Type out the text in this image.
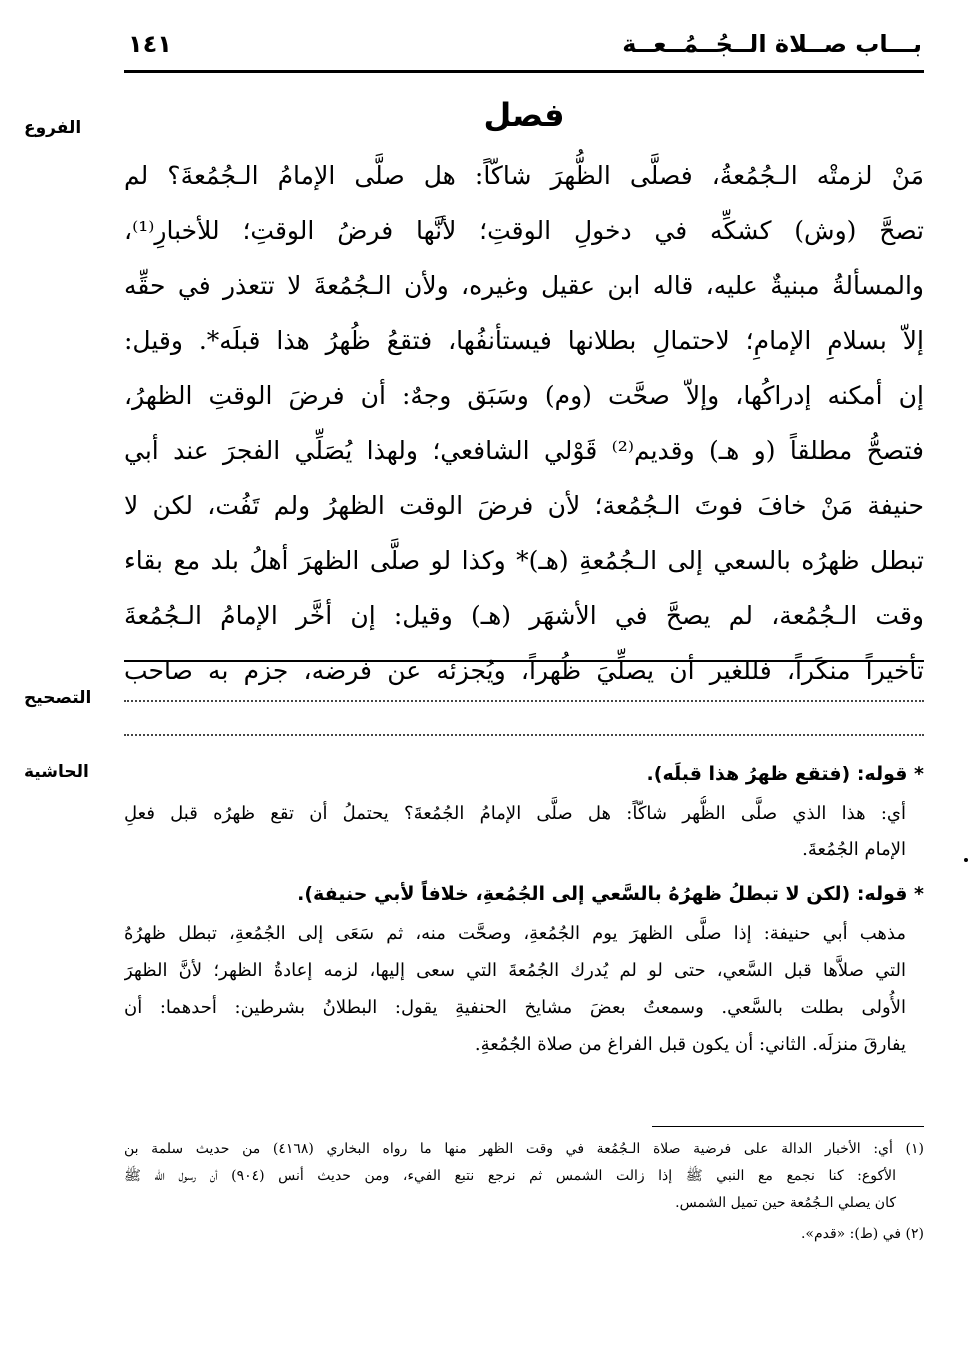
بـــاب صــلاة الــجُــمُــعــة
١٤١
الفروع
التصحيح
الحاشية
فصل
مَنْ لزمتْه الـجُمُعةُ، فصلَّى الظُّهرَ شاكّاً: هل صلَّى الإمامُ الـجُمُعةَ؟ لم
تصحَّ (وش) كشكِّه في دخولِ الوقتِ؛ لأنَّها فرضُ الوقتِ؛ للأخبارِ⁽¹⁾،
والمسألةُ مبنيةٌ عليه، قاله ابن عقيل وغيره، ولأن الـجُمُعةَ لا تتعذر في حقِّه
إلاّ بسلامِ الإمامِ؛ لاحتمالِ بطلانها فيستأنفُها، فتقعُ ظُهرُ هذا قبلَه*. وقيل:
إن أمكنه إدراكُها، وإلاّ صحَّت (وم) وسَبَق وجهٌ: أن فرضَ الوقتِ الظهرُ،
فتصحُّ مطلقاً (و هـ) وقديم⁽²⁾ قَوْلي الشافعي؛ ولهذا يُصَلِّي الفجرَ عند أبي
حنيفة مَنْ خافَ فوتَ الـجُمُعة؛ لأن فرضَ الوقت الظهرُ ولم تَفُت، لكن لا
تبطل ظهرُه بالسعي إلى الـجُمُعةِ (هـ)* وكذا لو صلَّى الظهرَ أهلُ بلد مع بقاء
وقت الـجُمُعة، لم يصحَّ في الأشهَر (هـ) وقيل: إن أخَّر الإمامُ الـجُمُعةَ
تأخيراً منكَراً، فللغير أن يصلِّيَ ظُهراً، ويُجزئه عن فرضه، جزم به صاحب
* قوله: (فتقع ظهرُ هذا قبلَه).
أي: هذا الذي صلَّى الظُّهر شاكّاً: هل صلَّى الإمامُ الجُمُعةَ؟ يحتملُ أن تقع ظهرُه قبل فعلِ
الإمام الجُمُعةَ.
* قوله: (لكن لا تبطلُ ظهرُهُ بالسَّعي إلى الجُمُعةِ، خلافاً لأبي حنيفة).
مذهب أبي حنيفة: إذا صلَّى الظهرَ يوم الجُمُعةِ، وصحَّت منه، ثم سَعَى إلى الجُمُعةِ، تبطل ظهرُهُ
التي صلاَّها قبل السَّعي، حتى لو لم يُدرك الجُمُعةَ التي سعى إليها، لزمه إعادةُ الظهر؛ لأنَّ الظهرَ
الأُولى بطلت بالسَّعي. وسمعتُ بعضَ مشايخ الحنفيةِ يقول: البطلانُ بشرطين: أحدهما: أن
يفارقَ منزلَه. الثاني: أن يكون قبل الفراغ من صلاة الجُمُعةِ.
(١) أي: الأخبار الدالة على فرضية صلاة الـجُمُعة في وقت الظهر منها ما رواه البخاري (٤١٦٨) من حديث سلمة بن
الأكوع: كنا نجمع مع النبي ﷺ إذا زالت الشمس ثم نرجع نتبع الفيء، ومن حديث أنس (٩٠٤) أن رسول الله ﷺ
كان يصلي الـجُمُعة حين تميل الشمس.
(٢) في (ط): «قدم».
